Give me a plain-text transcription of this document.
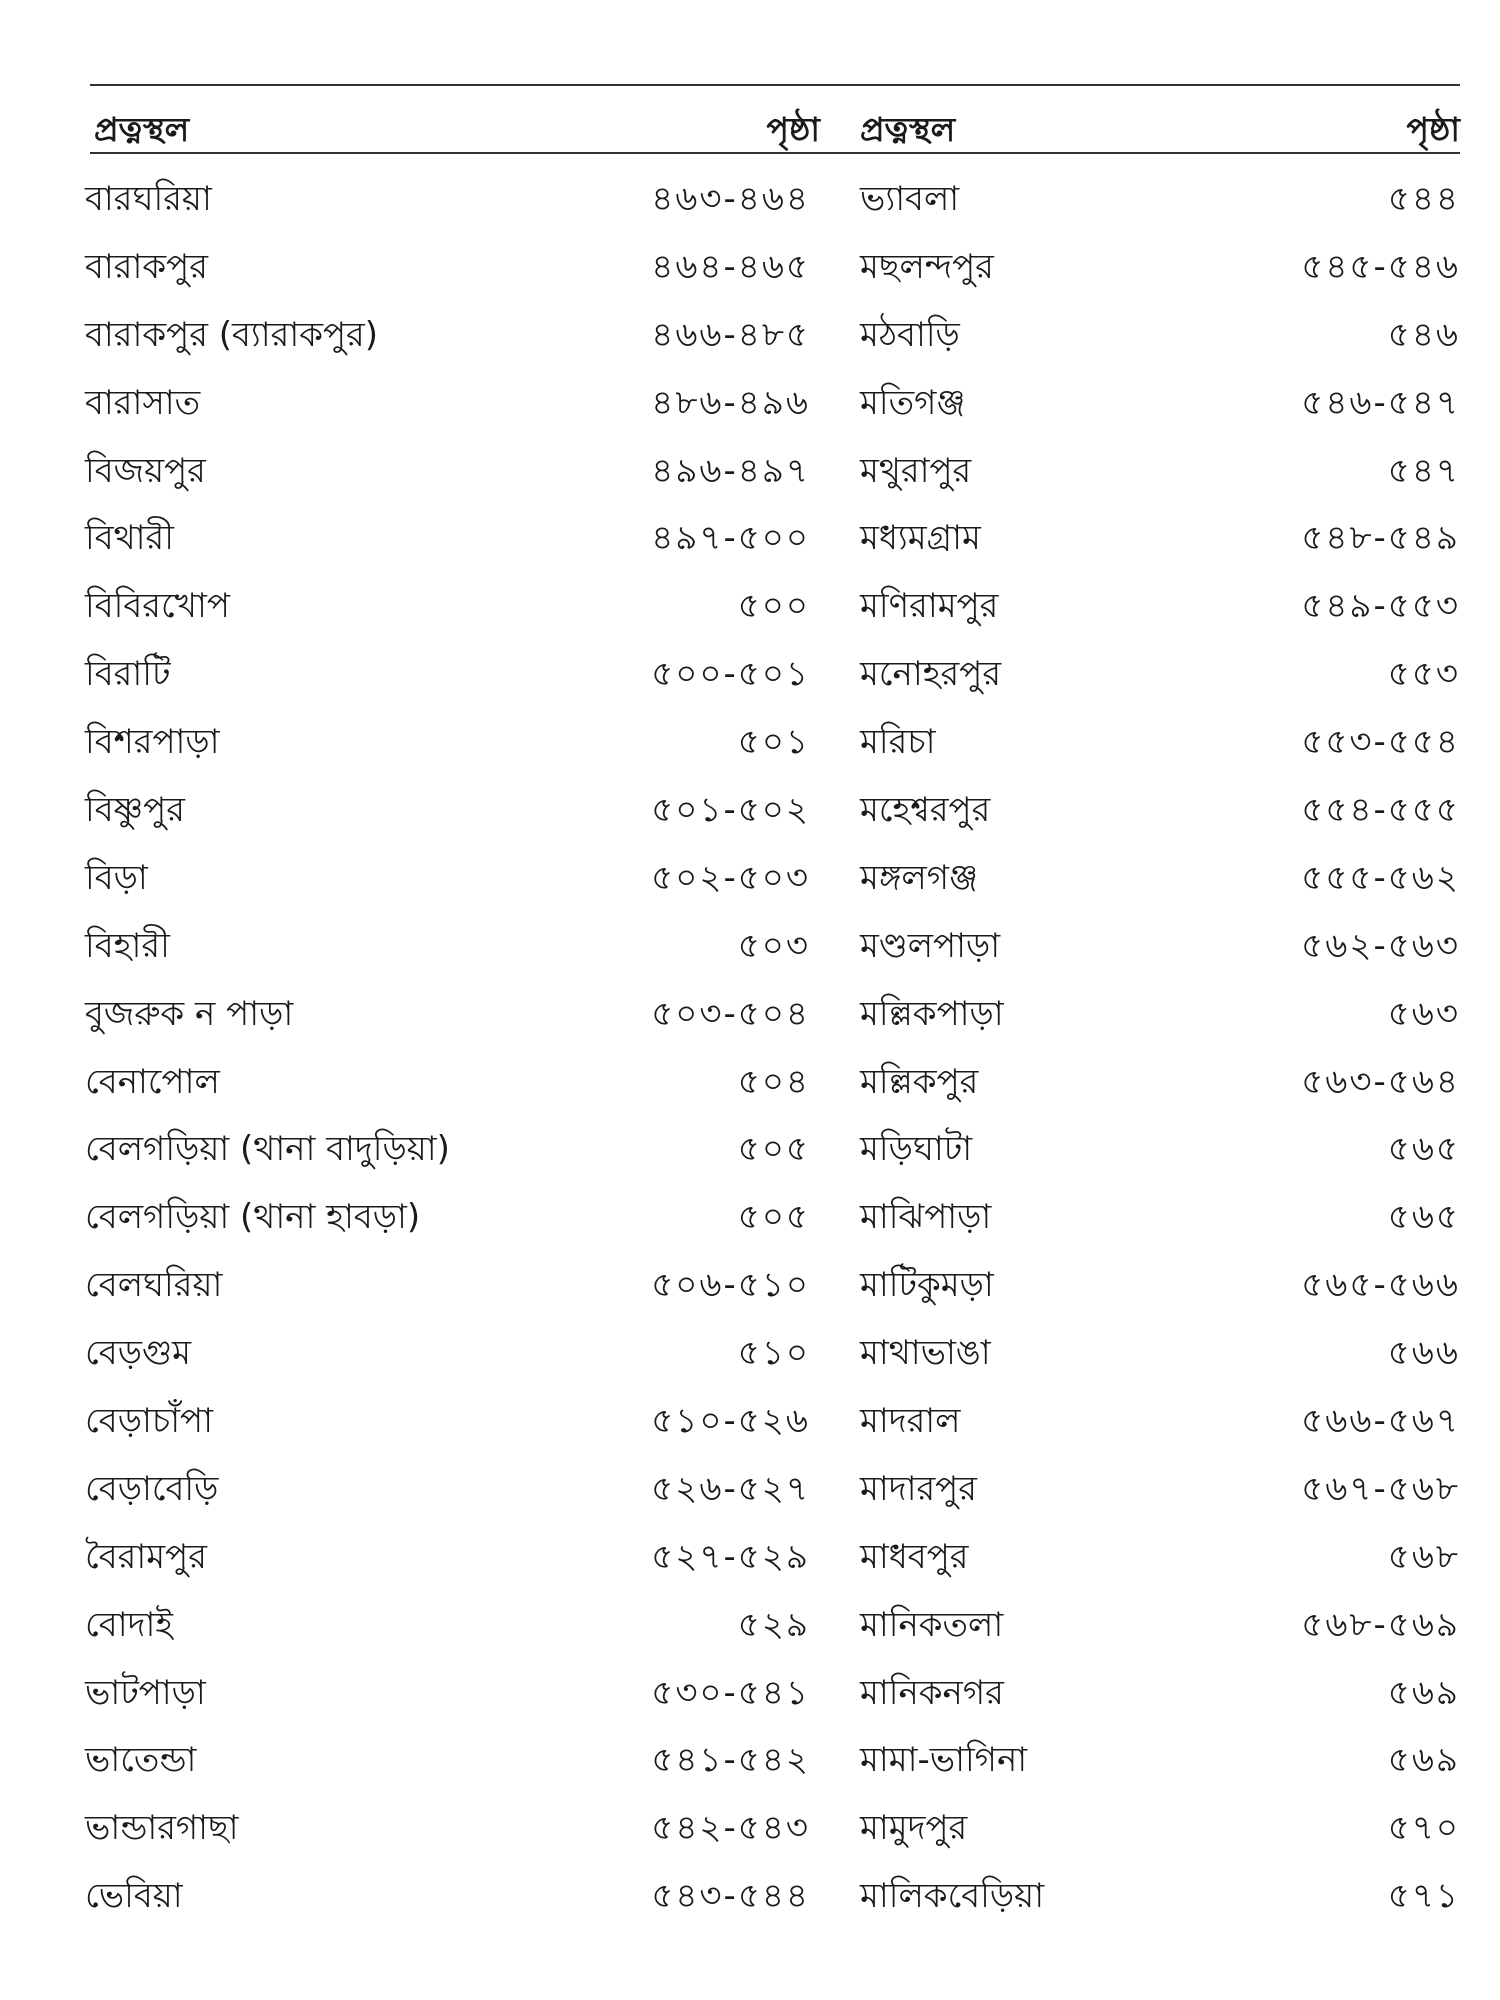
প্রত্নস্থল	পৃষ্ঠা প্রত্নস্থল	পৃষ্ঠা
বারঘরিয়া	৪৬৩-৪৬৪ ভ্যাবলা	৫৪৪
বারাকপুর	৪৬৪-৪৬৫ মছলন্দপুর	৫৪৫-৫৪৬
বারাকপুর (ব্যারাকপুর)	৪৬৬-৪৮৫ মঠবাড়ি	৫৪৬
বারাসাত	৪৮৬-৪৯৬ মতিগঞ্জ	৫৪৬-৫৪৭
বিজয়পুর	৪৯৬-৪৯৭ মথুরাপুর	৫৪৭
বিথারী	৪৯৭-৫০০ মধ্যমগ্রাম	৫৪৮-৫৪৯
বিবিরখোপ	৫০০ মণিরামপুর	৫৪৯-৫৫৩
বিরাটি	৫০০-৫০১ মনোহরপুর	৫৫৩
বিশরপাড়া	৫০১ মরিচা	৫৫৩-৫৫৪
বিষ্ণুপুর	৫০১-৫০২ মহেশ্বরপুর	৫৫৪-৫৫৫
বিড়া	৫০২-৫০৩ মঙ্গলগঞ্জ	৫৫৫-৫৬২
বিহারী	৫০৩ মণ্ডলপাড়া	৫৬২-৫৬৩
বুজরুক ন পাড়া	৫০৩-৫০৪ মল্লিকপাড়া	৫৬৩
বেনাপোল	৫০৪ মল্লিকপুর	৫৬৩-৫৬৪
বেলগড়িয়া (থানা বাদুড়িয়া)	৫০৫ মড়িঘাটা	৫৬৫
বেলগড়িয়া (থানা হাবড়া)	৫০৫ মাঝিপাড়া	৫৬৫
বেলঘরিয়া	৫০৬-৫১০ মাটিকুমড়া	৫৬৫-৫৬৬
বেড়গুম	৫১০ মাথাভাঙা	৫৬৬
বেড়াচাঁপা	৫১০-৫২৬ মাদরাল	৫৬৬-৫৬৭
বেড়াবেড়ি	৫২৬-৫২৭ মাদারপুর	৫৬৭-৫৬৮
বৈরামপুর	৫২৭-৫২৯ মাধবপুর	৫৬৮
বোদাই	৫২৯ মানিকতলা	৫৬৮-৫৬৯
ভাটপাড়া	৫৩০-৫৪১ মানিকনগর	৫৬৯
ভাতেন্ডা	৫৪১-৫৪২ মামা-ভাগিনা	৫৬৯
ভান্ডারগাছা	৫৪২-৫৪৩ মামুদপুর	৫৭০
ভেবিয়া	৫৪৩-৫৪৪ মালিকবেড়িয়া	৫৭১
